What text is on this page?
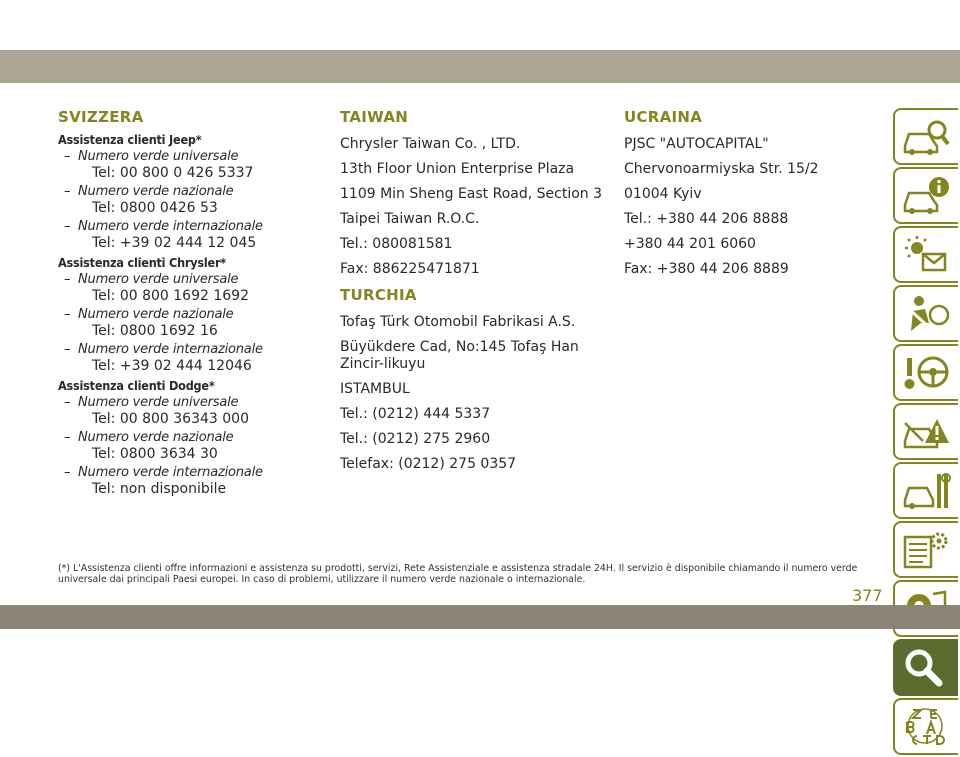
SVIZZERA
Assistenza clienti Jeep*
– Numero verde universale
Tel: 00 800 0 426 5337
– Numero verde nazionale
Tel: 0800 0426 53
– Numero verde internazionale
Tel: +39 02 444 12 045
Assistenza clienti Chrysler*
– Numero verde universale
Tel: 00 800 1692 1692
– Numero verde nazionale
Tel: 0800 1692 16
– Numero verde internazionale
Tel: +39 02 444 12046
Assistenza clienti Dodge*
– Numero verde universale
Tel: 00 800 36343 000
– Numero verde nazionale
Tel: 0800 3634 30
– Numero verde internazionale
Tel: non disponibile
TAIWAN
Chrysler Taiwan Co. , LTD.
13th Floor Union Enterprise Plaza
1109 Min Sheng East Road, Section 3
Taipei Taiwan R.O.C.
Tel.: 080081581
Fax: 886225471871
TURCHIA
Tofaş Türk Otomobil Fabrikasi A.S.
Büyükdere Cad, No:145 Tofaş Han Zincir-likuyu
ISTAMBUL
Tel.: (0212) 444 5337
Tel.: (0212) 275 2960
Telefax: (0212) 275 0357
UCRAINA
PJSC "AUTOCAPITAL"
Chervonoarmiyska Str. 15/2
01004 Kyiv
Tel.: +380 44 206 8888
+380 44 201 6060
Fax: +380 44 206 8889
(*) L'Assistenza clienti offre informazioni e assistenza su prodotti, servizi, Rete Assistenziale e assistenza stradale 24H. Il servizio è disponibile chiamando il numero verde universale dai principali Paesi europei. In caso di problemi, utilizzare il numero verde nazionale o internazionale.
377
